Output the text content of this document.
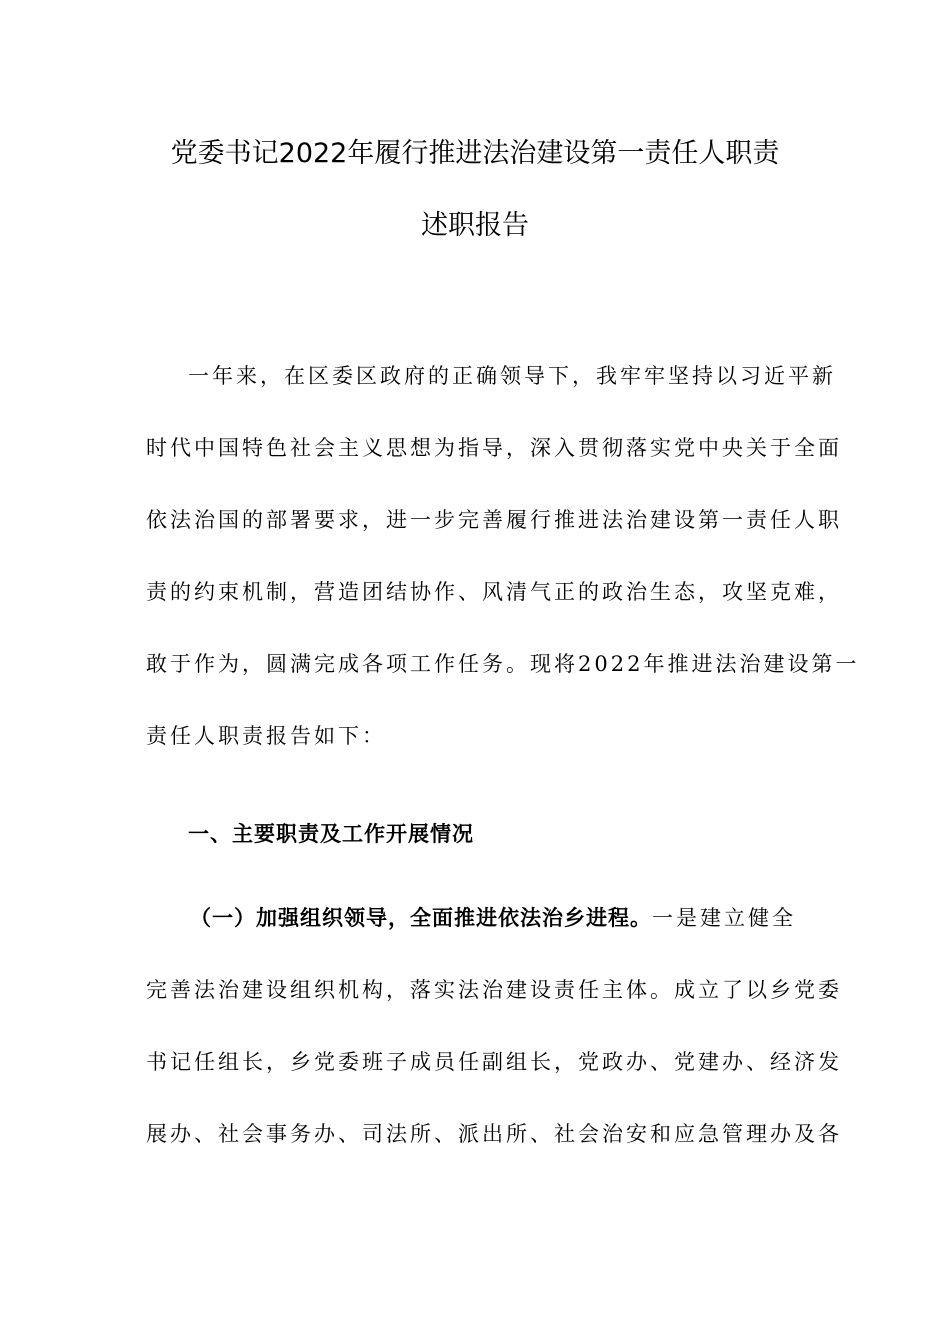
党委书记2022年履行推进法治建设第一责任人职责
述职报告
一年来，在区委区政府的正确领导下，我牢牢坚持以习近平新
时代中国特色社会主义思想为指导，深入贯彻落实党中央关于全面
依法治国的部署要求，进一步完善履行推进法治建设第一责任人职
责的约束机制，营造团结协作、风清气正的政治生态，攻坚克难，
敢于作为，圆满完成各项工作任务。现将2022年推进法治建设第一
责任人职责报告如下：
一、主要职责及工作开展情况
（一）加强组织领导，全面推进依法治乡进程。一是建立健全
完善法治建设组织机构，落实法治建设责任主体。成立了以乡党委
书记任组长，乡党委班子成员任副组长，党政办、党建办、经济发
展办、社会事务办、司法所、派出所、社会治安和应急管理办及各
